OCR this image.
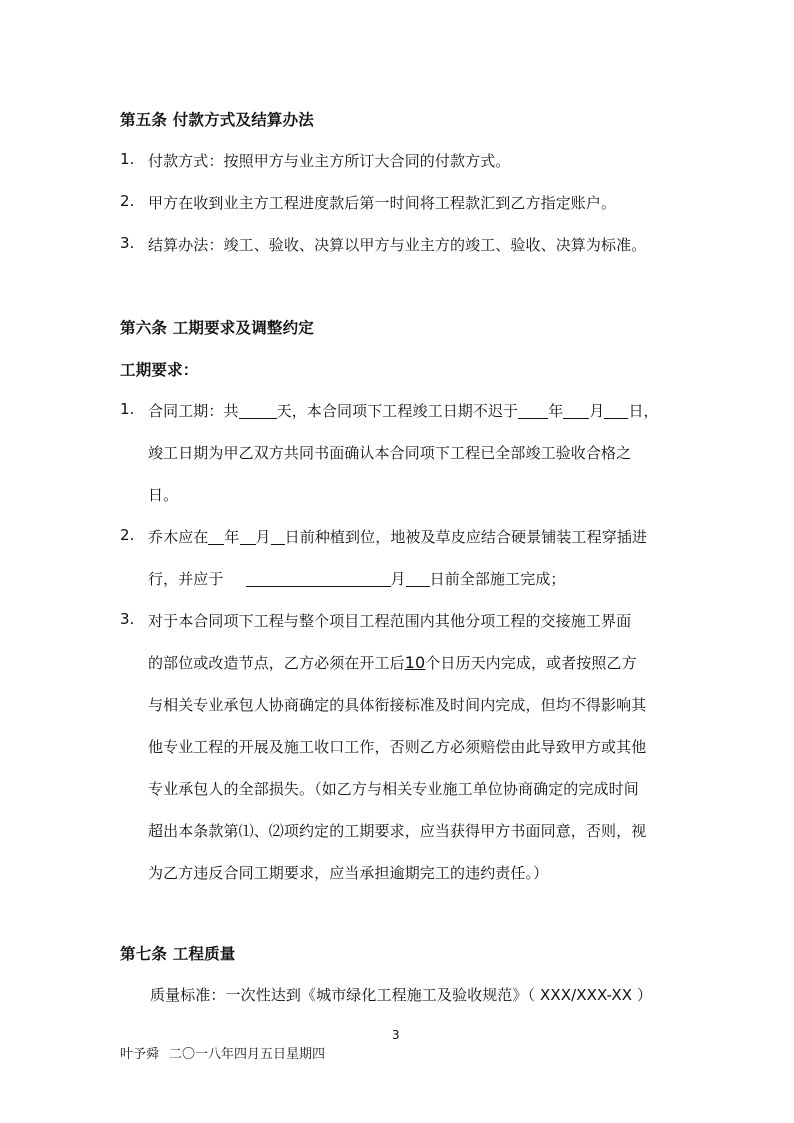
第五条 付款方式及结算办法
1. 付款方式：按照甲方与业主方所订大合同的付款方式。
2. 甲方在收到业主方工程进度款后第一时间将工程款汇到乙方指定账户。
3. 结算办法：竣工、验收、决算以甲方与业主方的竣工、验收、决算为标准。
第六条 工期要求及调整约定
工期要求：
1. 合同工期：共	天，本合同项下工程竣工日期不迟于 年 月 日，
竣工日期为甲乙双方共同书面确认本合同项下工程已全部竣工验收合格之
日。
2. 乔木应在 年 月 日前种植到位，地被及草皮应结合硬景铺装工程穿插进
行，并应于	月 日前全部施工完成；
3. 对于本合同项下工程与整个项目工程范围内其他分项工程的交接施工界面
的部位或改造节点，乙方必须在开工后10个日历天内完成，或者按照乙方
与相关专业承包人协商确定的具体衔接标准及时间内完成，但均不得影响其
他专业工程的开展及施工收口工作，否则乙方必须赔偿由此导致甲方或其他
专业承包人的全部损失。（如乙方与相关专业施工单位协商确定的完成时间
超出本条款第⑴、⑵项约定的工期要求，应当获得甲方书面同意，否则，视
为乙方违反合同工期要求，应当承担逾期完工的违约责任。）
第七条 工程质量
质量标准：一次性达到《城市绿化工程施工及验收规范》（ XXX/XXX-XX ）
3
叶予舜 二〇一八年四月五日星期四
